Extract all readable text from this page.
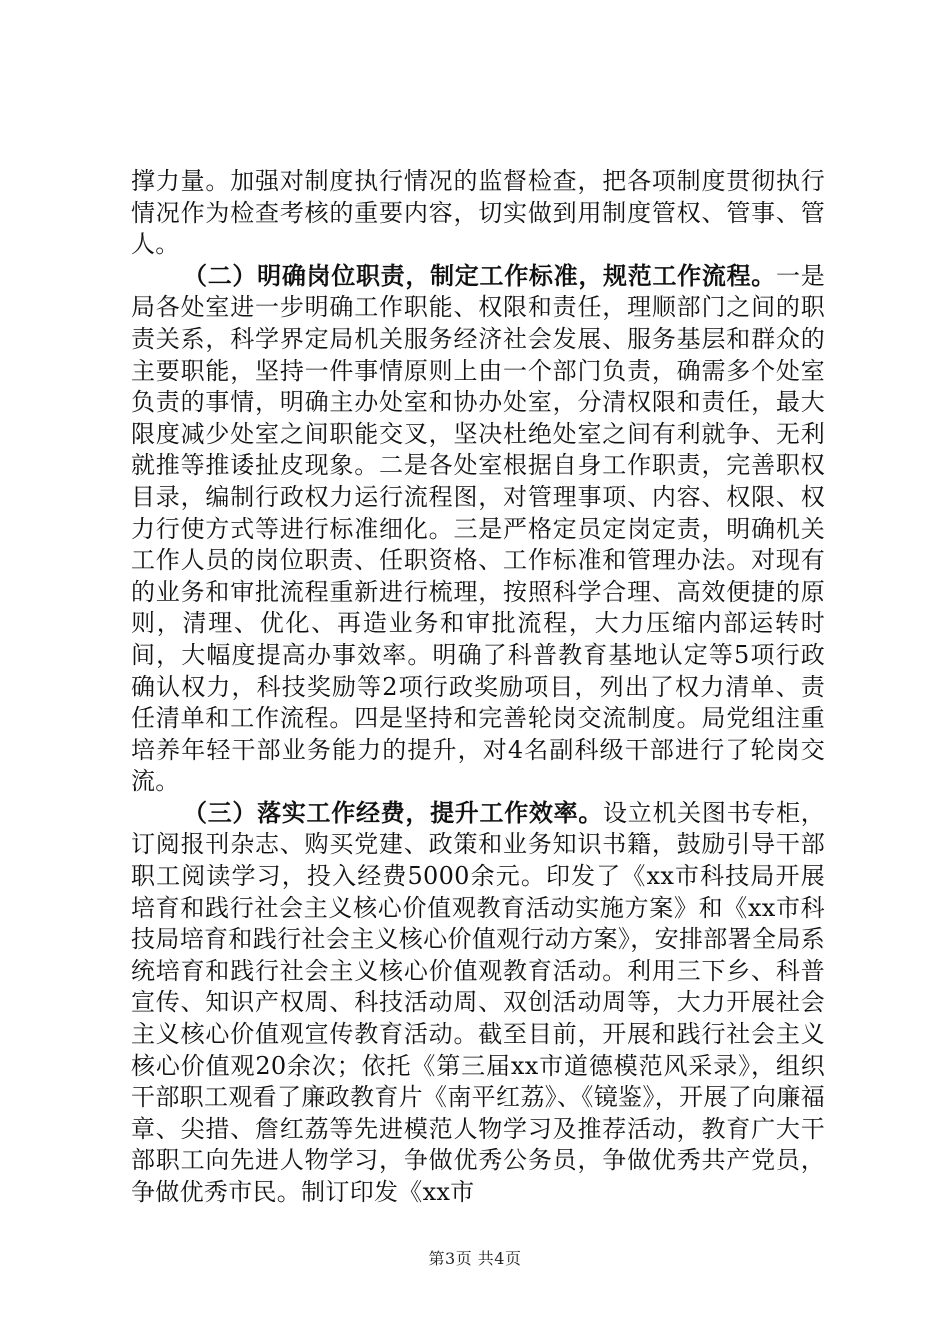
撑力量。加强对制度执行情况的监督检查，把各项制度贯彻执行情况作为检查考核的重要内容，切实做到用制度管权、管事、管人。

（二）明确岗位职责，制定工作标准，规范工作流程。一是局各处室进一步明确工作职能、权限和责任，理顺部门之间的职责关系，科学界定局机关服务经济社会发展、服务基层和群众的主要职能，坚持一件事情原则上由一个部门负责，确需多个处室负责的事情，明确主办处室和协办处室，分清权限和责任，最大限度减少处室之间职能交叉，坚决杜绝处室之间有利就争、无利就推等推诿扯皮现象。二是各处室根据自身工作职责，完善职权目录，编制行政权力运行流程图，对管理事项、内容、权限、权力行使方式等进行标准细化。三是严格定员定岗定责，明确机关工作人员的岗位职责、任职资格、工作标准和管理办法。对现有的业务和审批流程重新进行梳理，按照科学合理、高效便捷的原则，清理、优化、再造业务和审批流程，大力压缩内部运转时间，大幅度提高办事效率。明确了科普教育基地认定等5项行政确认权力，科技奖励等2项行政奖励项目，列出了权力清单、责任清单和工作流程。四是坚持和完善轮岗交流制度。局党组注重培养年轻干部业务能力的提升，对4名副科级干部进行了轮岗交流。

（三）落实工作经费，提升工作效率。设立机关图书专柜，订阅报刊杂志、购买党建、政策和业务知识书籍，鼓励引导干部职工阅读学习，投入经费5000余元。印发了《xx市科技局开展培育和践行社会主义核心价值观教育活动实施方案》和《xx市科技局培育和践行社会主义核心价值观行动方案》，安排部署全局系统培育和践行社会主义核心价值观教育活动。利用三下乡、科普宣传、知识产权周、科技活动周、双创活动周等，大力开展社会主义核心价值观宣传教育活动。截至目前，开展和践行社会主义核心价值观20余次；依托《第三届xx市道德模范风采录》，组织干部职工观看了廉政教育片《南平红荔》、《镜鉴》，开展了向廉福章、尖措、詹红荔等先进模范人物学习及推荐活动，教育广大干部职工向先进人物学习，争做优秀公务员，争做优秀共产党员，争做优秀市民。制订印发《xx市

第3页 共4页
